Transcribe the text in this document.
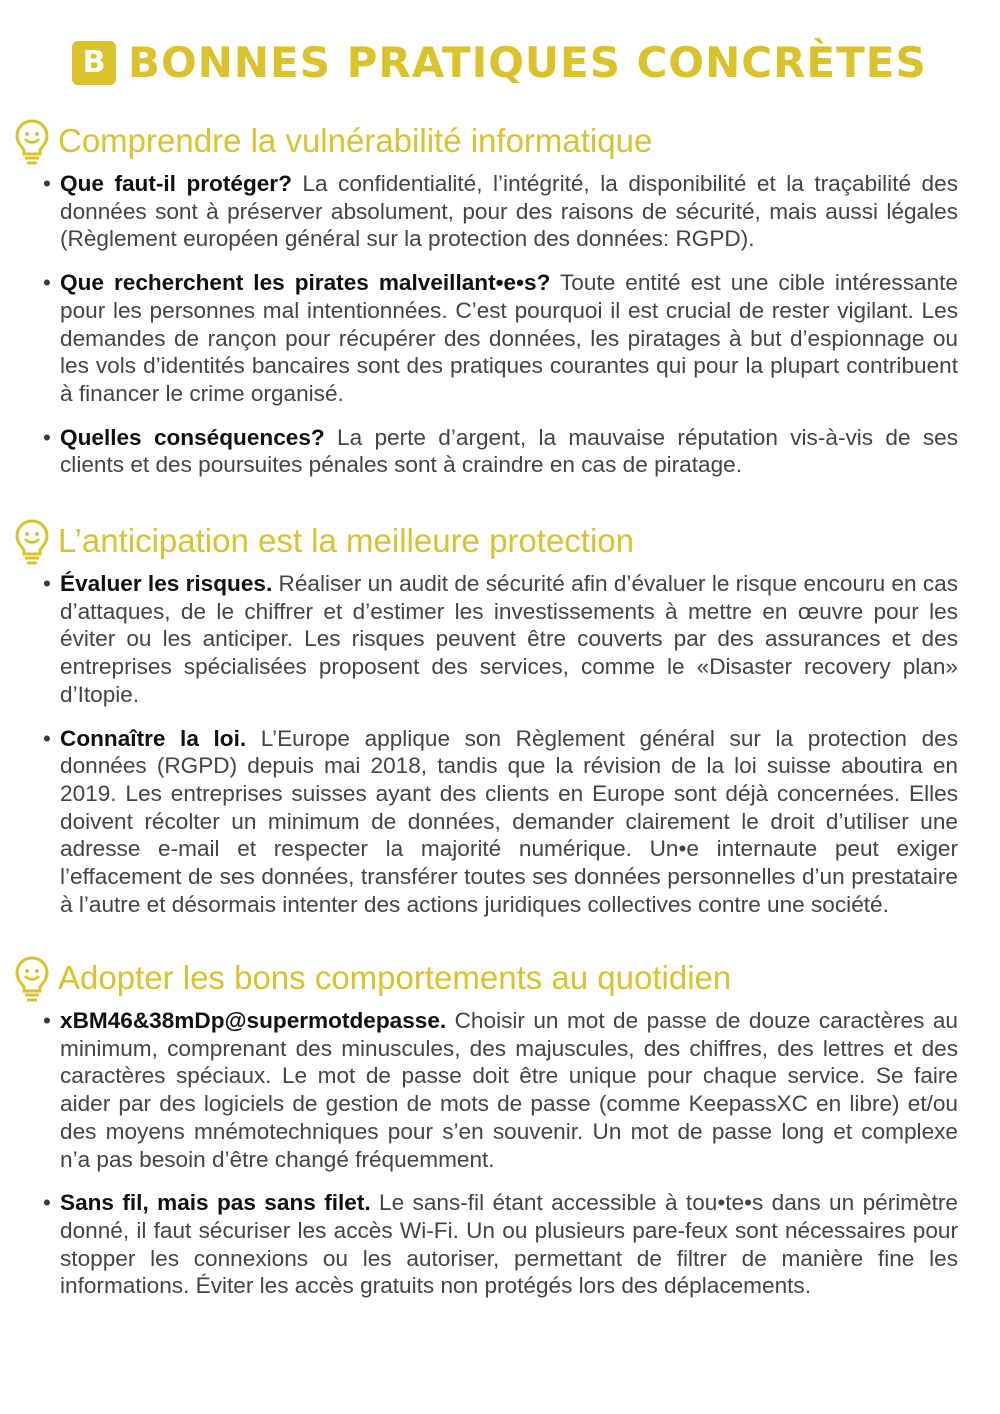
B BONNES PRATIQUES CONCRÈTES
Comprendre la vulnérabilité informatique
• Que faut-il protéger? La confidentialité, l’intégrité, la disponibilité et la traçabilité des données sont à préserver absolument, pour des raisons de sécurité, mais aussi légales (Règlement européen général sur la protection des données: RGPD).
• Que recherchent les pirates malveillant•e•s? Toute entité est une cible intéressante pour les personnes mal intentionnées. C’est pourquoi il est crucial de rester vigilant. Les demandes de rançon pour récupérer des données, les piratages à but d’espionnage ou les vols d’identités bancaires sont des pratiques courantes qui pour la plupart contribuent à financer le crime organisé.
• Quelles conséquences? La perte d’argent, la mauvaise réputation vis-à-vis de ses clients et des poursuites pénales sont à craindre en cas de piratage.
L’anticipation est la meilleure protection
• Évaluer les risques. Réaliser un audit de sécurité afin d’évaluer le risque encouru en cas d’attaques, de le chiffrer et d’estimer les investissements à mettre en œuvre pour les éviter ou les anticiper. Les risques peuvent être couverts par des assurances et des entreprises spécialisées proposent des services, comme le «Disaster recovery plan» d’Itopie.
• Connaître la loi. L’Europe applique son Règlement général sur la protection des données (RGPD) depuis mai 2018, tandis que la révision de la loi suisse aboutira en 2019. Les entreprises suisses ayant des clients en Europe sont déjà concernées. Elles doivent récolter un minimum de données, demander clairement le droit d’utiliser une adresse e-mail et respecter la majorité numérique. Un•e internaute peut exiger l’effacement de ses données, transférer toutes ses données personnelles d’un prestataire à l’autre et désormais intenter des actions juridiques collectives contre une société.
Adopter les bons comportements au quotidien
• xBM46&38mDp@supermotdepasse. Choisir un mot de passe de douze caractères au minimum, comprenant des minuscules, des majuscules, des chiffres, des lettres et des caractères spéciaux. Le mot de passe doit être unique pour chaque service. Se faire aider par des logiciels de gestion de mots de passe (comme KeepassXC en libre) et/ou des moyens mnémotechniques pour s’en souvenir. Un mot de passe long et complexe n’a pas besoin d’être changé fréquemment.
• Sans fil, mais pas sans filet. Le sans-fil étant accessible à tou•te•s dans un périmètre donné, il faut sécuriser les accès Wi-Fi. Un ou plusieurs pare-feux sont nécessaires pour stopper les connexions ou les autoriser, permettant de filtrer de manière fine les informations. Éviter les accès gratuits non protégés lors des déplacements.
